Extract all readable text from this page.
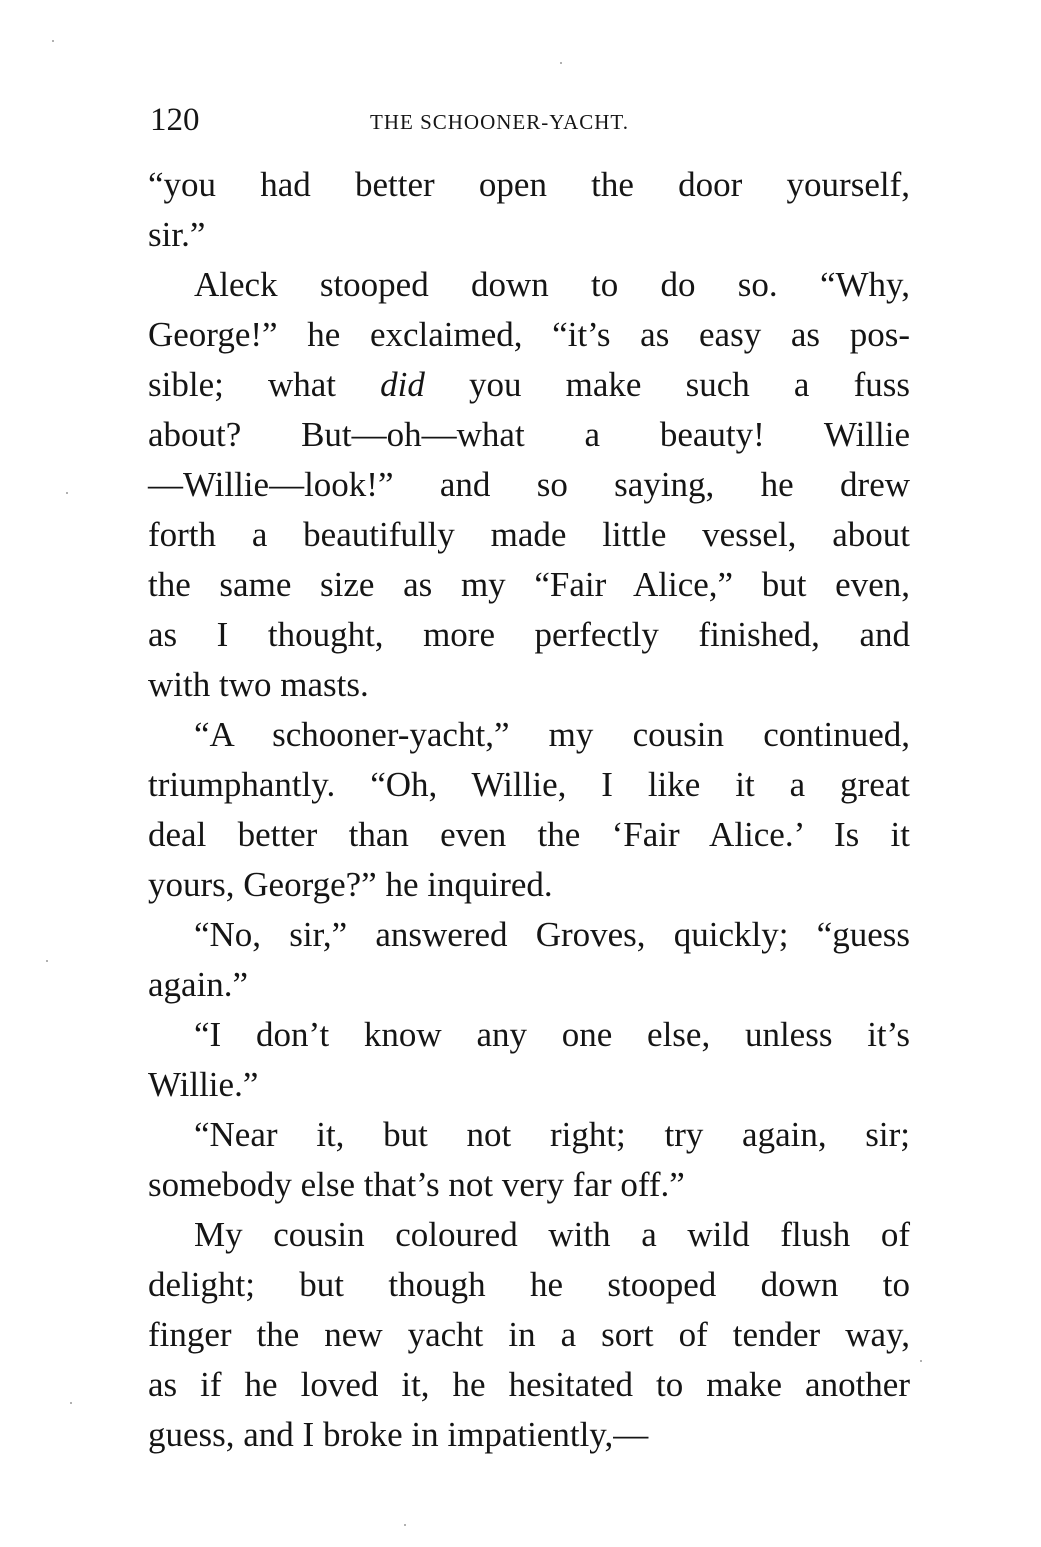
120	THE SCHOONER-YACHT.
“you had better open the door yourself,
sir.”
Aleck stooped down to do so. “Why,
George!” he exclaimed, “it’s as easy as pos-
sible; what did you make such a fuss
about? But—oh—what a beauty! Willie
—Willie—look!” and so saying, he drew
forth a beautifully made little vessel, about
the same size as my “Fair Alice,” but even,
as I thought, more perfectly finished, and
with two masts.
“A schooner-yacht,” my cousin continued,
triumphantly. “Oh, Willie, I like it a great
deal better than even the ‘Fair Alice.’ Is it
yours, George?” he inquired.
“No, sir,” answered Groves, quickly; “guess
again.”
“I don’t know any one else, unless it’s
Willie.”
“Near it, but not right; try again, sir;
somebody else that’s not very far off.”
My cousin coloured with a wild flush of
delight; but though he stooped down to
finger the new yacht in a sort of tender way,
as if he loved it, he hesitated to make another
guess, and I broke in impatiently,—
